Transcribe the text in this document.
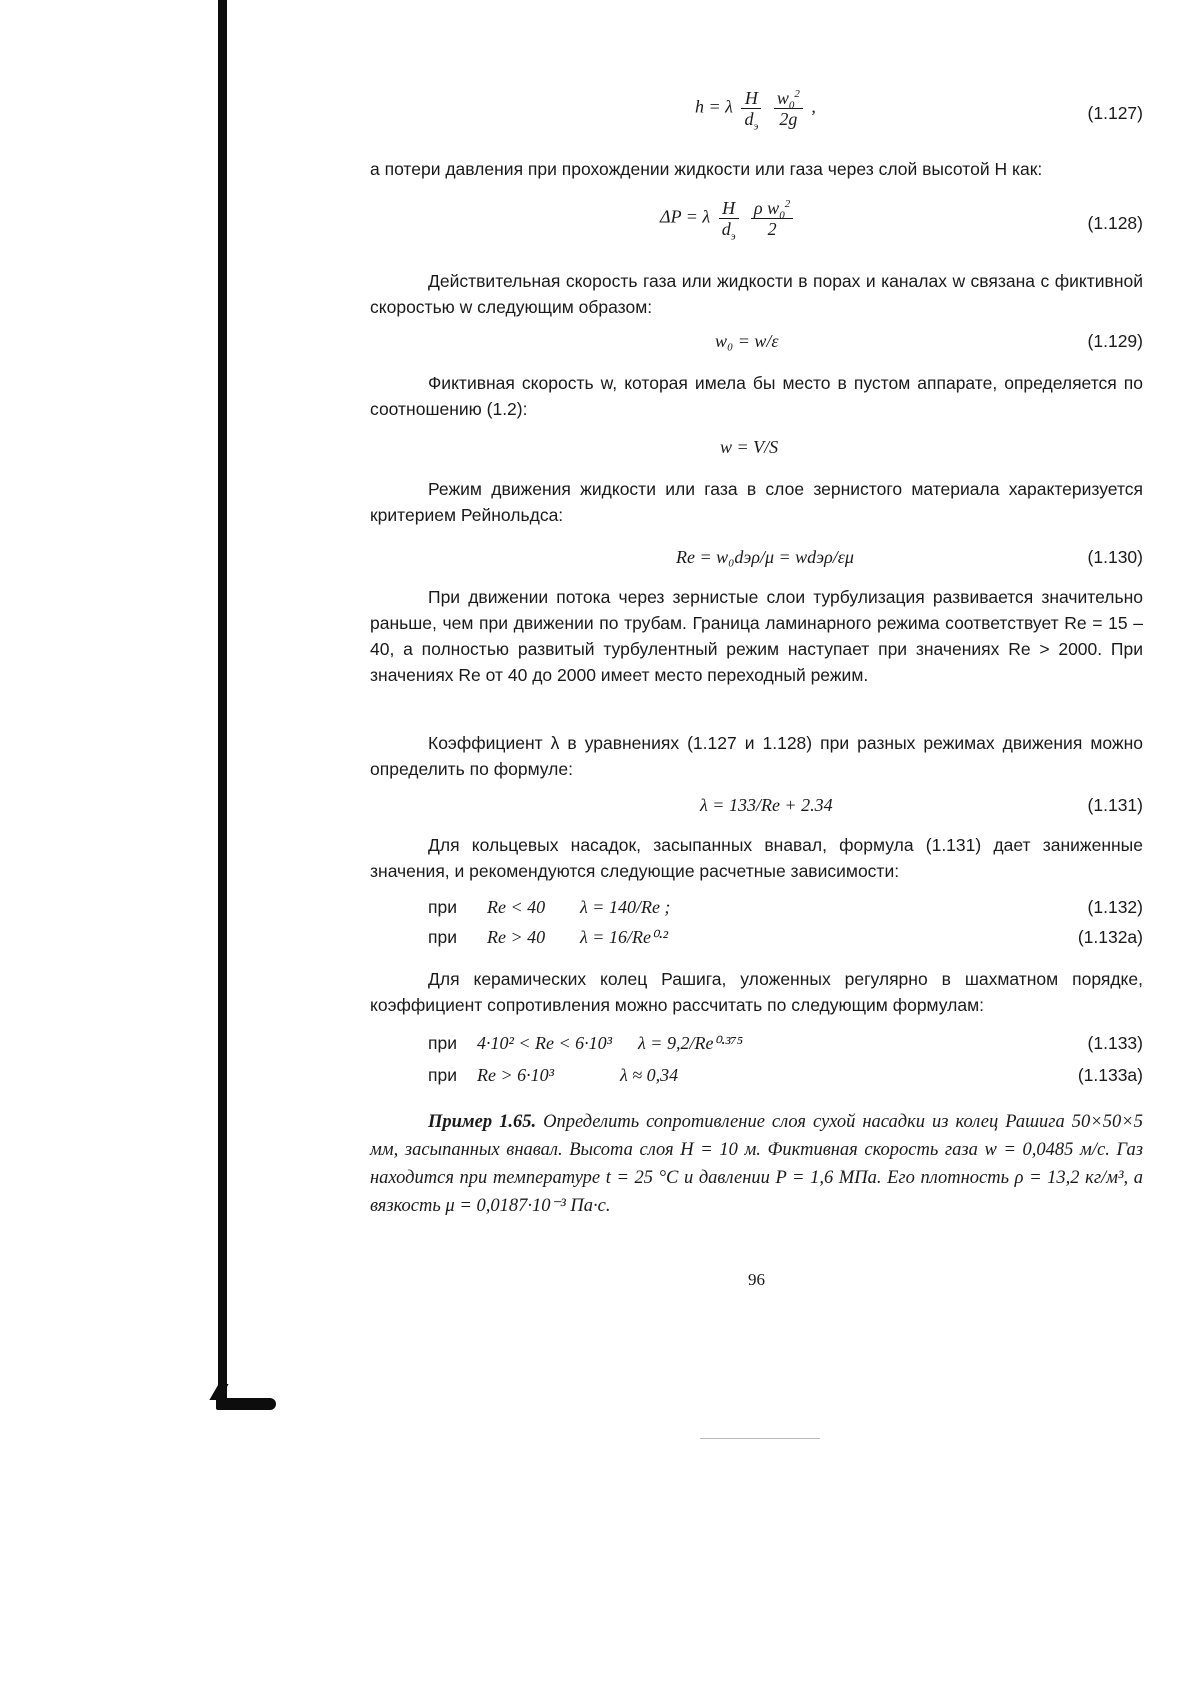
h = λ $\frac{H}{d_э}$
$\frac{w_0^2}{2g}$ ,	(1.127)

а потери давления при прохождении жидкости или газа через слой высотой H как:

ΔP = λ $\frac{H}{d_э}$
$\frac{\rho w_0^2}{2}$	(1.128)

Действительная скорость газа или жидкости в порах и каналах w связана с фиктивной скоростью w следующим образом:

w₀ = w/ε	(1.129)

Фиктивная скорость w, которая имела бы место в пустом аппарате, определяется по соотношению (1.2):

w = V/S

Режим движения жидкости или газа в слое зернистого материала характеризуется критерием Рейнольдса:

Re = w₀dэρ/μ = wdэρ/εμ	(1.130)

При движении потока через зернистые слои турбулизация развивается значительно раньше, чем при движении по трубам. Граница ламинарного режима соответствует Re = 15 – 40, а полностью развитый турбулентный режим наступает при значениях Re > 2000. При значениях Re от 40 до 2000 имеет место переходный режим.

Коэффициент λ в уравнениях (1.127 и 1.128) при разных режимах движения можно определить по формуле:

λ = 133/Re + 2.34	(1.131)

Для кольцевых насадок, засыпанных внавал, формула (1.131) дает заниженные значения, и рекомендуются следующие расчетные зависимости:

при Re < 40 λ = 140/Re ;	(1.132)
при Re > 40 λ = 16/Re⁰·²	(1.132a)

Для керамических колец Рашига, уложенных регулярно в шахматном порядке, коэффициент сопротивления можно рассчитать по следующим формулам:

при 4·10² < Re < 6·10³ λ = 9,2/Re⁰·³⁷⁵	(1.133)
при Re > 6·10³	λ ≈ 0,34	(1.133a)

Пример 1.65. Определить сопротивление слоя сухой насадки из колец Рашига 50×50×5 мм, засыпанных внавал. Высота слоя H = 10 м. Фиктивная скорость газа w = 0,0485 м/с. Газ находится при температуре t = 25 °C и давлении P = 1,6 МПа. Его плотность ρ = 13,2 кг/м³, а вязкость μ = 0,0187·10⁻³ Па·с.

96
